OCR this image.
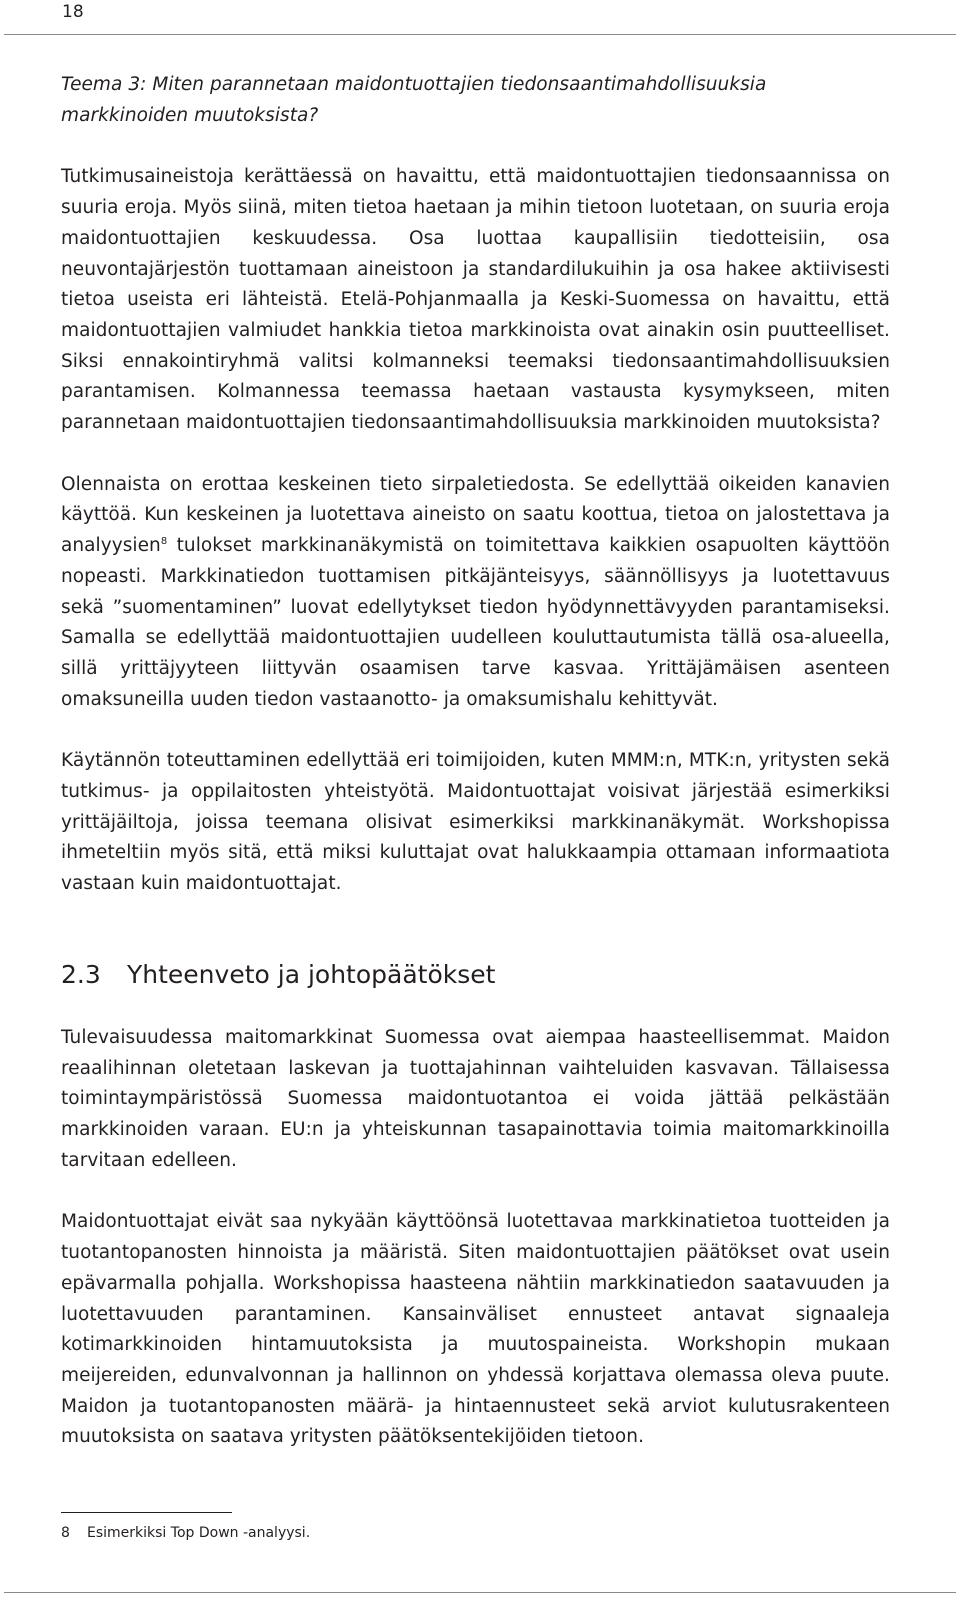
18

Teema 3: Miten parannetaan maidontuottajien tiedonsaantimahdollisuuksia markkinoiden muutoksista?

Tutkimusaineistoja kerättäessä on havaittu, että maidontuottajien tiedonsaannissa on suuria eroja. Myös siinä, miten tietoa haetaan ja mihin tietoon luotetaan, on suuria eroja maidontuottajien keskuudessa. Osa luottaa kaupallisiin tiedotteisiin, osa neuvontajärjestön tuottamaan aineistoon ja standardilukuihin ja osa hakee aktiivisesti tietoa useista eri lähteistä. Etelä-Pohjanmaalla ja Keski-Suomessa on havaittu, että maidontuottajien valmiudet hankkia tietoa markkinoista ovat ainakin osin puutteelliset. Siksi ennakointiryhmä valitsi kolmanneksi teemaksi tiedonsaantimahdollisuuksien parantamisen. Kolmannessa teemassa haetaan vastausta kysymykseen, miten parannetaan maidontuottajien tiedonsaantimahdollisuuksia markkinoiden muutoksista?

Olennaista on erottaa keskeinen tieto sirpaletiedosta. Se edellyttää oikeiden kanavien käyttöä. Kun keskeinen ja luotettava aineisto on saatu koottua, tietoa on jalostettava ja analyysien$^8$ tulokset markkinanäkymistä on toimitettava kaikkien osapuolten käyttöön nopeasti. Markkinatiedon tuottamisen pitkäjänteisyys, säännöllisyys ja luotettavuus sekä ”suomentaminen” luovat edellytykset tiedon hyödynnettävyyden parantamiseksi. Samalla se edellyttää maidontuottajien uudelleen kouluttautumista tällä osa-alueella, sillä yrittäjyyteen liittyvän osaamisen tarve kasvaa. Yrittäjämäisen asenteen omaksuneilla uuden tiedon vastaanotto- ja omaksumishalu kehittyvät.

Käytännön toteuttaminen edellyttää eri toimijoiden, kuten MMM:n, MTK:n, yritysten sekä tutkimus- ja oppilaitosten yhteistyötä. Maidontuottajat voisivat järjestää esimerkiksi yrittäjäiltoja, joissa teemana olisivat esimerkiksi markkinanäkymät. Workshopissa ihmeteltiin myös sitä, että miksi kuluttajat ovat halukkaampia ottamaan informaatiota vastaan kuin maidontuottajat.

2.3 Yhteenveto ja johtopäätökset

Tulevaisuudessa maitomarkkinat Suomessa ovat aiempaa haasteellisemmat. Maidon reaalihinnan oletetaan laskevan ja tuottajahinnan vaihteluiden kasvavan. Tällaisessa toimintaympäristössä Suomessa maidontuotantoa ei voida jättää pelkästään markkinoiden varaan. EU:n ja yhteiskunnan tasapainottavia toimia maitomarkkinoilla tarvitaan edelleen.

Maidontuottajat eivät saa nykyään käyttöönsä luotettavaa markkinatietoa tuotteiden ja tuotantopanosten hinnoista ja määristä. Siten maidontuottajien päätökset ovat usein epävarmalla pohjalla. Workshopissa haasteena nähtiin markkinatiedon saatavuuden ja luotettavuuden parantaminen. Kansainväliset ennusteet antavat signaaleja kotimarkkinoiden hintamuutoksista ja muutospaineista. Workshopin mukaan meijereiden, edunvalvonnan ja hallinnon on yhdessä korjattava olemassa oleva puute. Maidon ja tuotantopanosten määrä- ja hintaennusteet sekä arviot kulutusrakenteen muutoksista on saatava yritysten päätöksentekijöiden tietoon.

8 Esimerkiksi Top Down -analyysi.
